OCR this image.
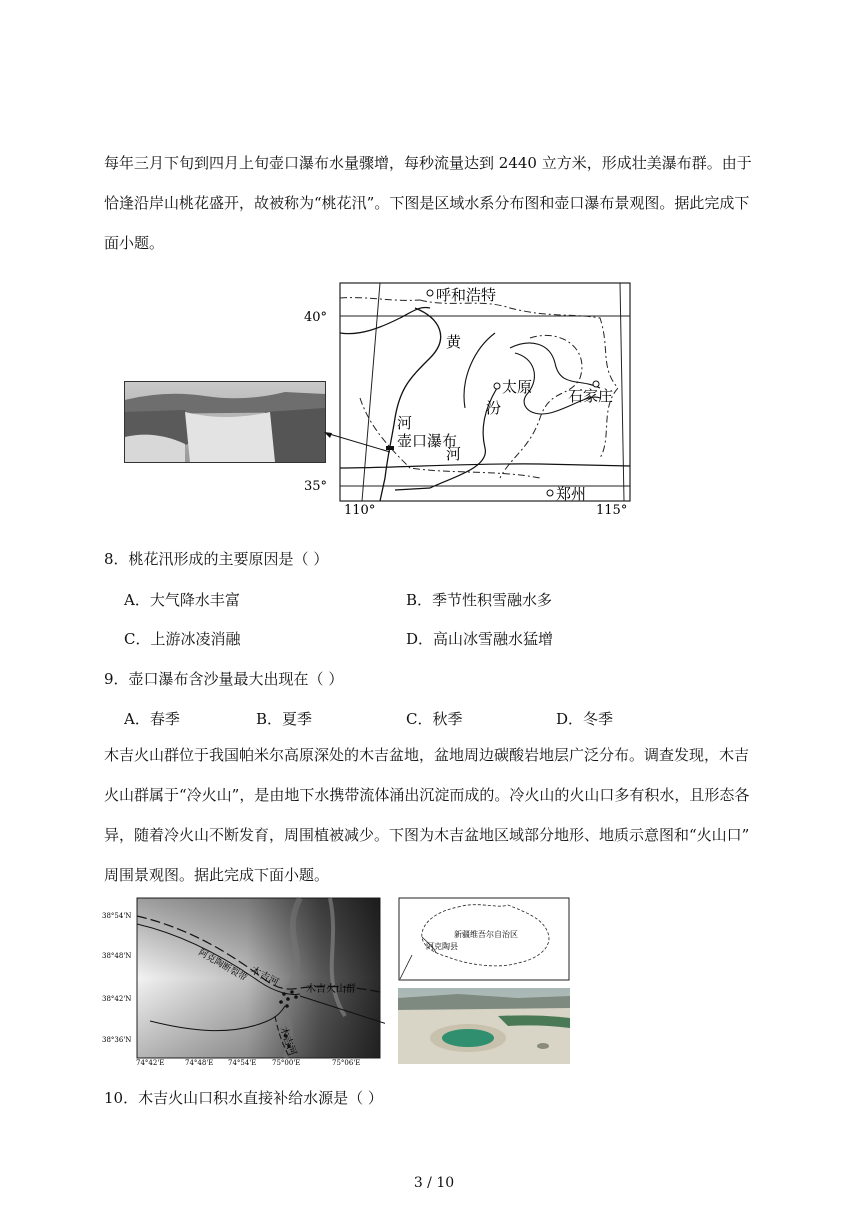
每年三月下旬到四月上旬壶口瀑布水量骤增，每秒流量达到 2440 立方米，形成壮美瀑布群。由于
恰逢沿岸山桃花盛开，故被称为“桃花汛”。下图是区域水系分布图和壶口瀑布景观图。据此完成下
面小题。
呼和浩特
黄
河
太原
汾
河
石家庄
壶口瀑布
郑州
40°
35°
110°	115°
8．桃花汛形成的主要原因是（ ）
A．大气降水丰富	B．季节性积雪融水多
C．上游冰凌消融	D．高山冰雪融水猛增
9．壶口瀑布含沙量最大出现在（ ）
A．春季	B．夏季	C．秋季	D．冬季
木吉火山群位于我国帕米尔高原深处的木吉盆地，盆地周边碳酸岩地层广泛分布。调查发现，木吉
火山群属于“冷火山”，是由地下水携带流体涌出沉淀而成的。冷火山的火山口多有积水，且形态各
异，随着冷火山不断发育，周围植被减少。下图为木吉盆地区域部分地形、地质示意图和“火山口”
周围景观图。据此完成下面小题。
38°54'N
38°48'N
38°42'N
38°36'N
74°42'E	74°48'E 74°54'E 75°00'E	75°06'E
木吉河
阿克陶断裂带
木吉火山群
木吉河
新疆维吾尔自治区
阿克陶县
10．木吉火山口积水直接补给水源是（ ）
3 / 10
